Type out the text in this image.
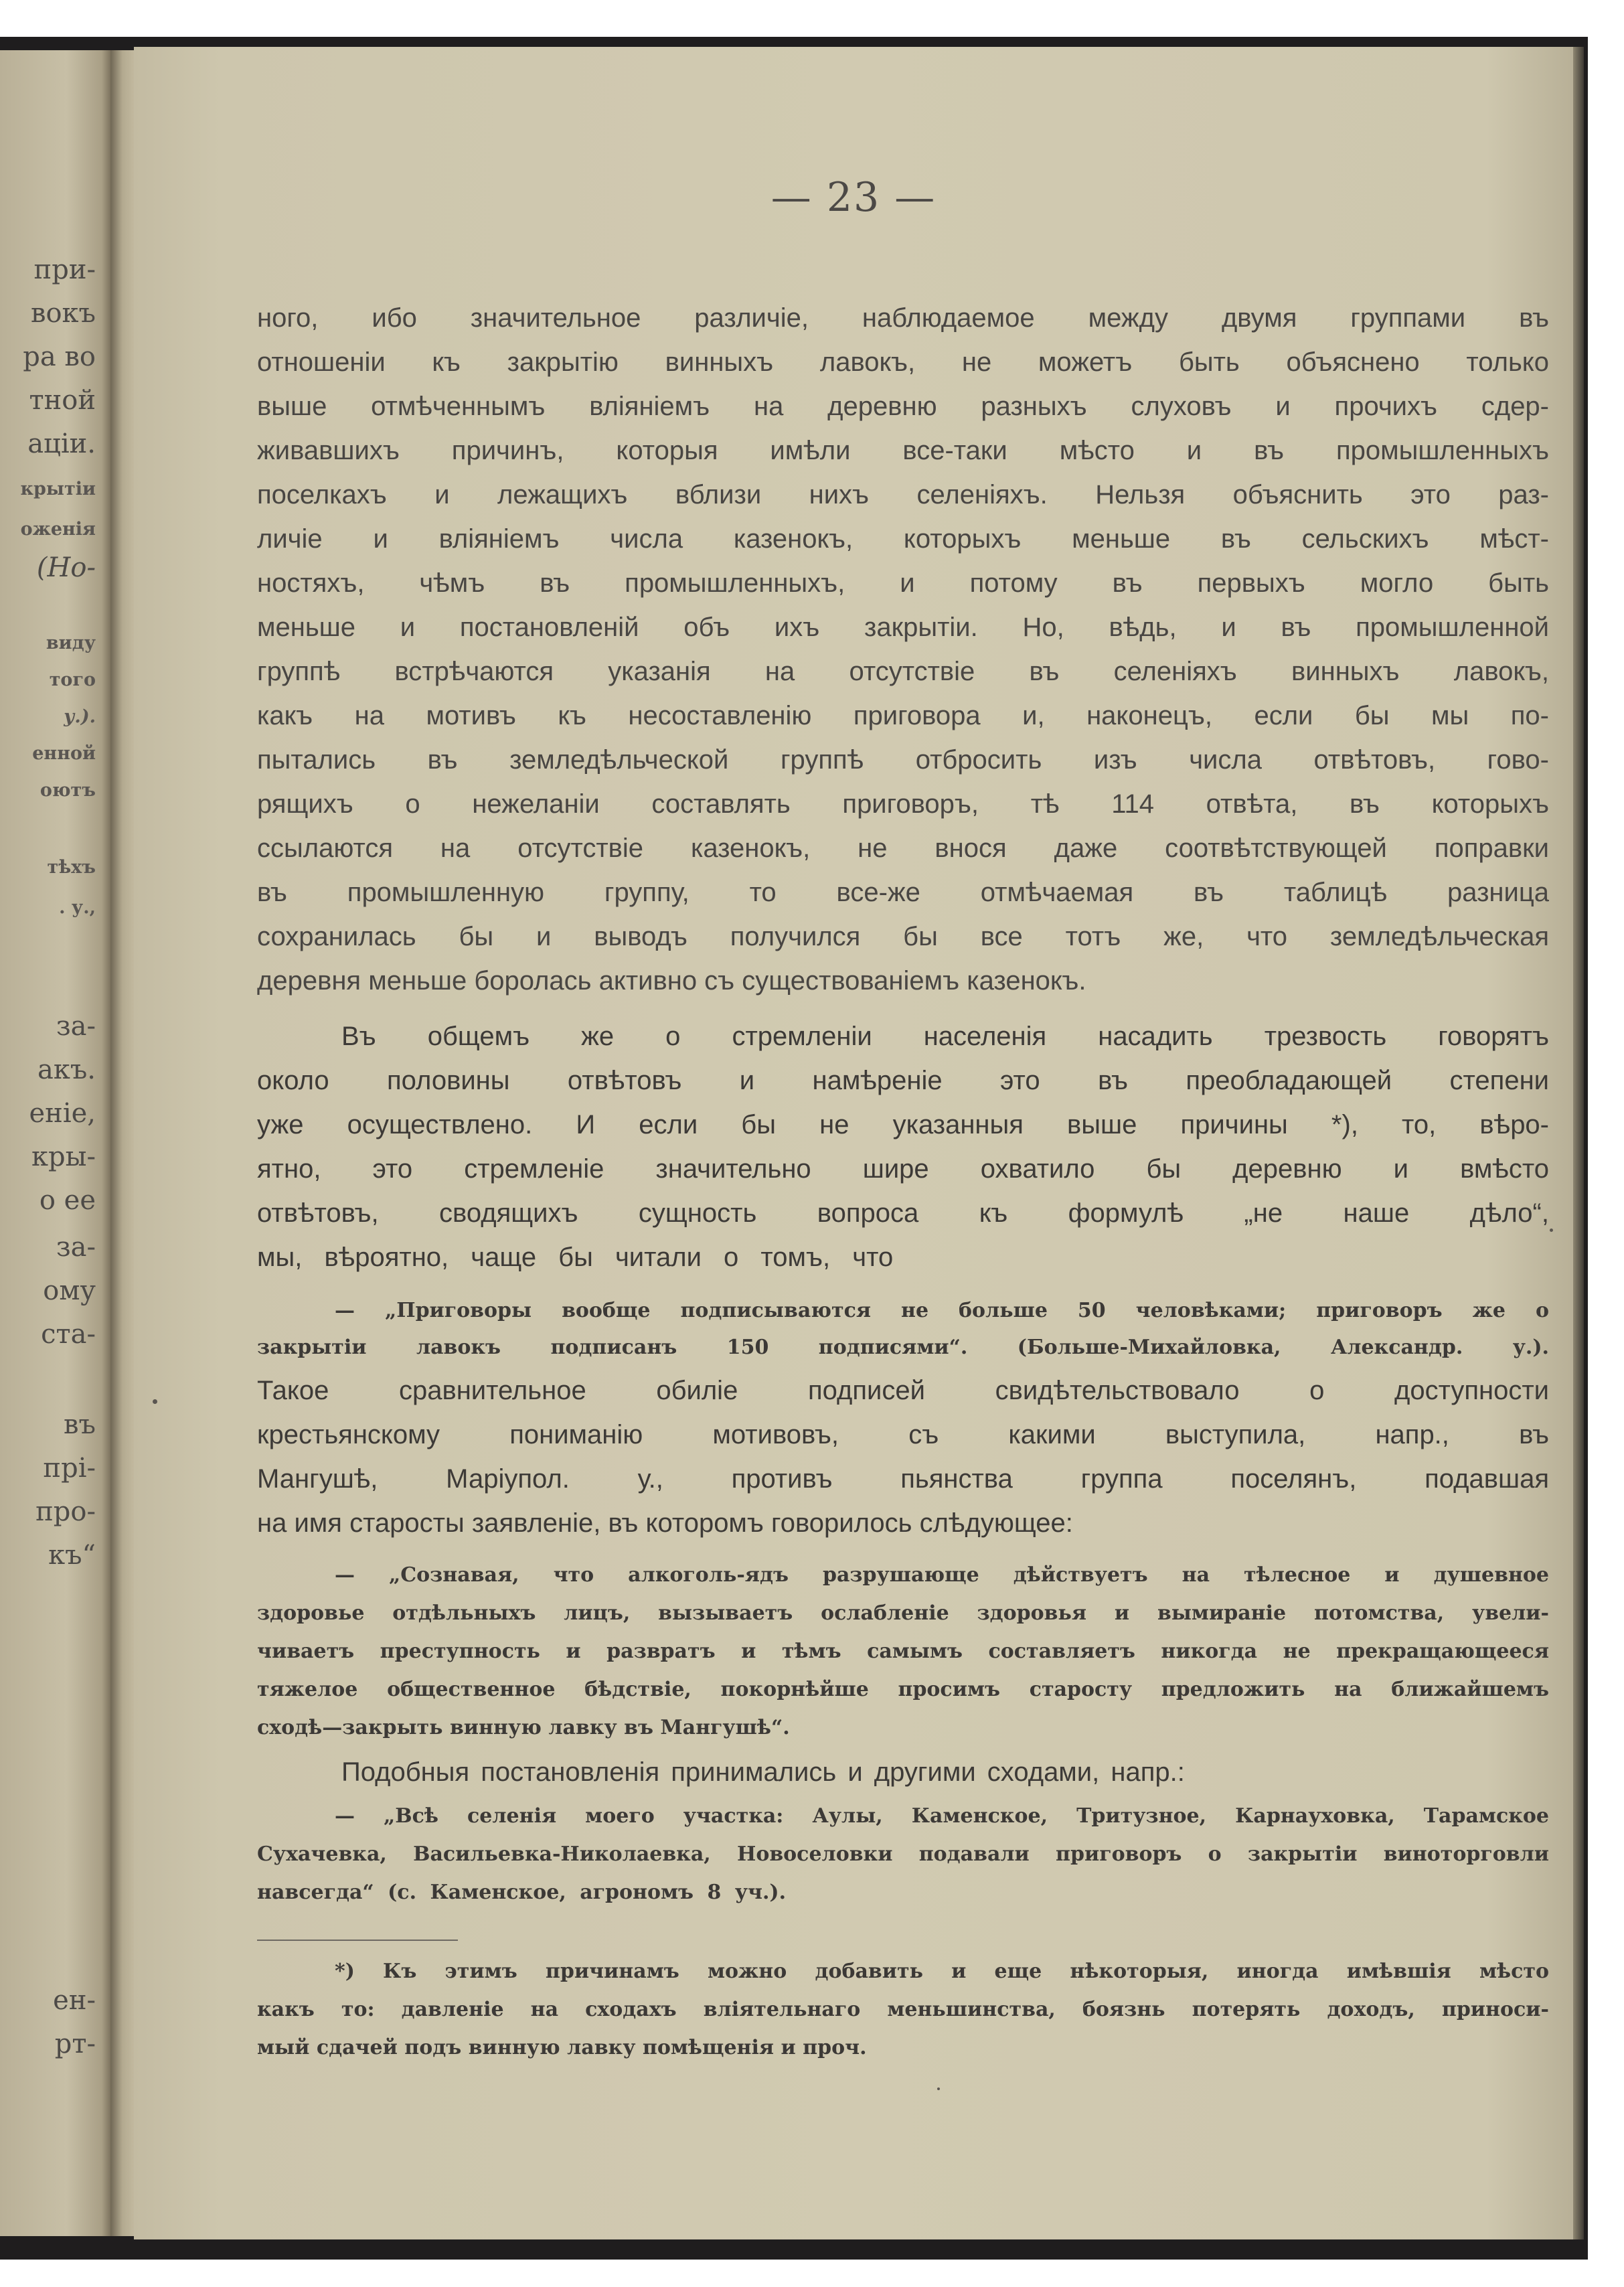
при-
вокъ
ра во
тной
аціи.
крытіи
оженія
(Но-
виду
того
у.).
енной
оютъ
тѣхъ
. у.,
за-
акъ.
еніе,
кры-
о ее
за-
ому
ста-
въ
прі-
про-
къ“
ен-
рт-
— 23 —
ного, ибо значительное различіе, наблюдаемое между двумя группами въ
отношеніи къ закрытію винныхъ лавокъ, не можетъ быть объяснено только
выше отмѣченнымъ вліяніемъ на деревню разныхъ слуховъ и прочихъ сдер-
живавшихъ причинъ, которыя имѣли все-таки мѣсто и въ промышленныхъ
поселкахъ и лежащихъ вблизи нихъ селеніяхъ. Нельзя объяснить это раз-
личіе и вліяніемъ числа казенокъ, которыхъ меньше въ сельскихъ мѣст-
ностяхъ, чѣмъ въ промышленныхъ, и потому въ первыхъ могло быть
меньше и постановленій объ ихъ закрытіи. Но, вѣдь, и въ промышленной
группѣ встрѣчаются указанія на отсутствіе въ селеніяхъ винныхъ лавокъ,
какъ на мотивъ къ несоставленію приговора и, наконецъ, если бы мы по-
пытались въ земледѣльческой группѣ отбросить изъ числа отвѣтовъ, гово-
рящихъ о нежеланіи составлять приговоръ, тѣ 114 отвѣта, въ которыхъ
ссылаются на отсутствіе казенокъ, не внося даже соотвѣтствующей поправки
въ промышленную группу, то все-же отмѣчаемая въ таблицѣ разница
сохранилась бы и выводъ получился бы все тотъ же, что земледѣльческая
деревня меньше боролась активно съ существованіемъ казенокъ.
Въ общемъ же о стремленіи населенія насадить трезвость говорятъ
около половины отвѣтовъ и намѣреніе это въ преобладающей степени
уже осуществлено. И если бы не указанныя выше причины *), то, вѣро-
ятно, это стремленіе значительно шире охватило бы деревню и вмѣсто
отвѣтовъ, сводящихъ сущность вопроса къ формулѣ „не наше дѣло“,
мы, вѣроятно, чаще бы читали о томъ, что
— „Приговоры вообще подписываются не больше 50 человѣками; приговоръ же о
закрытіи лавокъ подписанъ 150 подписями“. (Больше-Михайловка, Александр. у.).
Такое сравнительное обиліе подписей свидѣтельствовало о доступности
крестьянскому пониманію мотивовъ, съ какими выступила, напр., въ
Мангушѣ, Маріупол. у., противъ пьянства группа поселянъ, подавшая
на имя старосты заявленіе, въ которомъ говорилось слѣдующее:
— „Сознавая, что алкоголь-ядъ разрушающе дѣйствуетъ на тѣлесное и душевное
здоровье отдѣльныхъ лицъ, вызываетъ ослабленіе здоровья и вымираніе потомства, увели-
чиваетъ преступность и развратъ и тѣмъ самымъ составляетъ никогда не прекращающееся
тяжелое общественное бѣдствіе, покорнѣйше просимъ старосту предложить на ближайшемъ
сходѣ—закрыть винную лавку въ Мангушѣ“.
Подобныя постановленія принимались и другими сходами, напр.:
— „Всѣ селенія моего участка: Аулы, Каменское, Тритузное, Карнауховка, Тарамское
Сухачевка, Васильевка-Николаевка, Новоселовки подавали приговоръ о закрытіи виноторговли
навсегда“ (с. Каменское, агрономъ 8 уч.).
*) Къ этимъ причинамъ можно добавить и еще нѣкоторыя, иногда имѣвшія мѣсто
какъ то: давленіе на сходахъ вліятельнаго меньшинства, боязнь потерять доходъ, приноси-
мый сдачей подъ винную лавку помѣщенія и проч.
